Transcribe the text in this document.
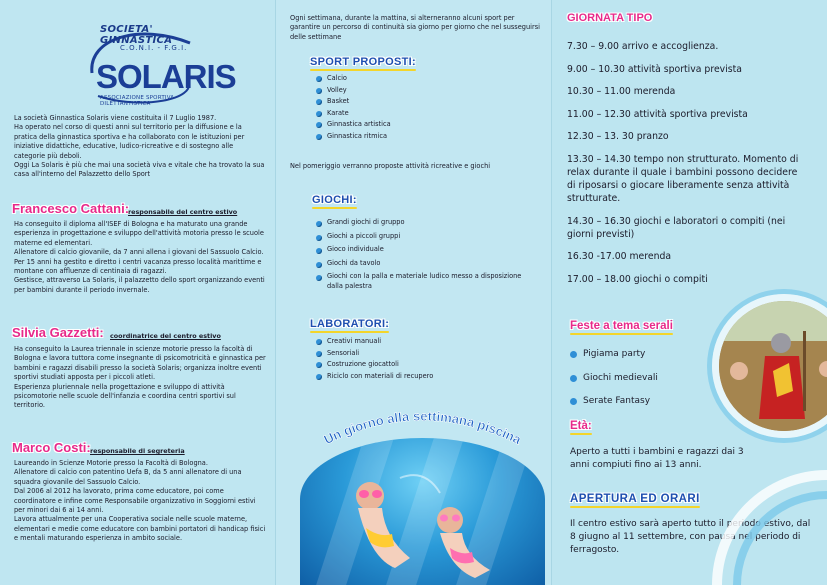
SOCIETA' GINNASTICA
C.O.N.I. - F.G.I.
SOLARIS
ASSOCIAZIONE SPORTIVA DILETTANTISTICA

La società Ginnastica Solaris viene costituita il 7 Luglio 1987.

Ha operato nel corso di questi anni sul territorio per la diffusione e la pratica della ginnastica sportiva e ha collaborato con le istituzioni per iniziative didattiche, educative, ludico-ricreative e di sostegno alle categorie più deboli.

Oggi La Solaris è più che mai una società viva e vitale che ha trovato la sua casa all'interno del Palazzetto dello Sport

Francesco Cattani:
responsabile del centro estivo

Ha conseguito il diploma all'ISEF di Bologna e ha maturato una grande esperienza in progettazione e sviluppo dell'attività motoria presso le scuole materne ed elementari.

Allenatore di calcio giovanile, da 7 anni allena i giovani del Sassuolo Calcio.

Per 15 anni ha gestito e diretto i centri vacanza presso località marittime e montane con affluenze di centinaia di ragazzi.

Gestisce, attraverso La Solaris, il palazzetto dello sport organizzando eventi per bambini durante il periodo invernale.

Silvia Gazzetti: coordinatrice del centro estivo

Ha conseguito la Laurea triennale in scienze motorie presso la facoltà di Bologna e lavora tuttora come insegnante di psicomotricità e ginnastica per bambini e ragazzi disabili presso la società Solaris; organizza inoltre eventi sportivi studiati apposta per i piccoli atleti.

Esperienza pluriennale nella progettazione e sviluppo di attività psicomotorie nelle scuole dell'infanzia e coordina centri sportivi sul territorio.

Marco Costi: responsabile di segreteria

Laureando in Scienze Motorie presso la Facoltà di Bologna.

Allenatore di calcio con patentino Uefa B, da 5 anni allenatore di una squadra giovanile del Sassuolo Calcio.

Dal 2006 al 2012 ha lavorato, prima come educatore, poi come coordinatore e infine come Responsabile organizzativo in Soggiorni estivi per minori dai 6 ai 14 anni.

Lavora attualmente per una Cooperativa sociale nelle scuole materne, elementari e medie come educatore con bambini portatori di handicap fisici e mentali maturando esperienza in ambito sociale.

Ogni settimana, durante la mattina, si alterneranno alcuni sport per garantire un percorso di continuità sia giorno per giorno che nel susseguirsi delle settimane
SPORT PROPOSTI:
Calcio
Volley
Basket
Karate
Ginnastica artistica
Ginnastica ritmica
Nel pomeriggio verranno proposte attività ricreative e giochi
GIOCHI:
Grandi giochi di gruppo
Giochi a piccoli gruppi
Gioco individuale
Giochi da tavolo
Giochi con la palla e materiale ludico messo a disposizione dalla palestra
LABORATORI:
Creativi manuali
Sensoriali
Costruzione giocattoli
Riciclo con materiali di recupero
Un giorno alla settimana piscina
GIORNATA TIPO
7.30 – 9.00 arrivo e accoglienza.
9.00 – 10.30 attività sportiva prevista
10.30 – 11.00 merenda
11.00 – 12.30 attività sportiva prevista
12.30 – 13. 30 pranzo
13.30 – 14.30 tempo non strutturato. Momento di relax durante il quale i bambini possono decidere di riposarsi o giocare liberamente senza attività strutturate.
14.30 – 16.30 giochi e laboratori o compiti (nei giorni previsti)
16.30 -17.00 merenda
17.00 – 18.00 giochi o compiti
Feste a tema serali
Pigiama party
Giochi medievali
Serate Fantasy
Età:
Aperto a tutti i bambini e ragazzi dai 3 anni compiuti fino ai 13 anni.
APERTURA ED ORARI
Il centro estivo sarà aperto tutto il periodo estivo, dal 8 giugno al 11 settembre, con pausa nel periodo di ferragosto.
